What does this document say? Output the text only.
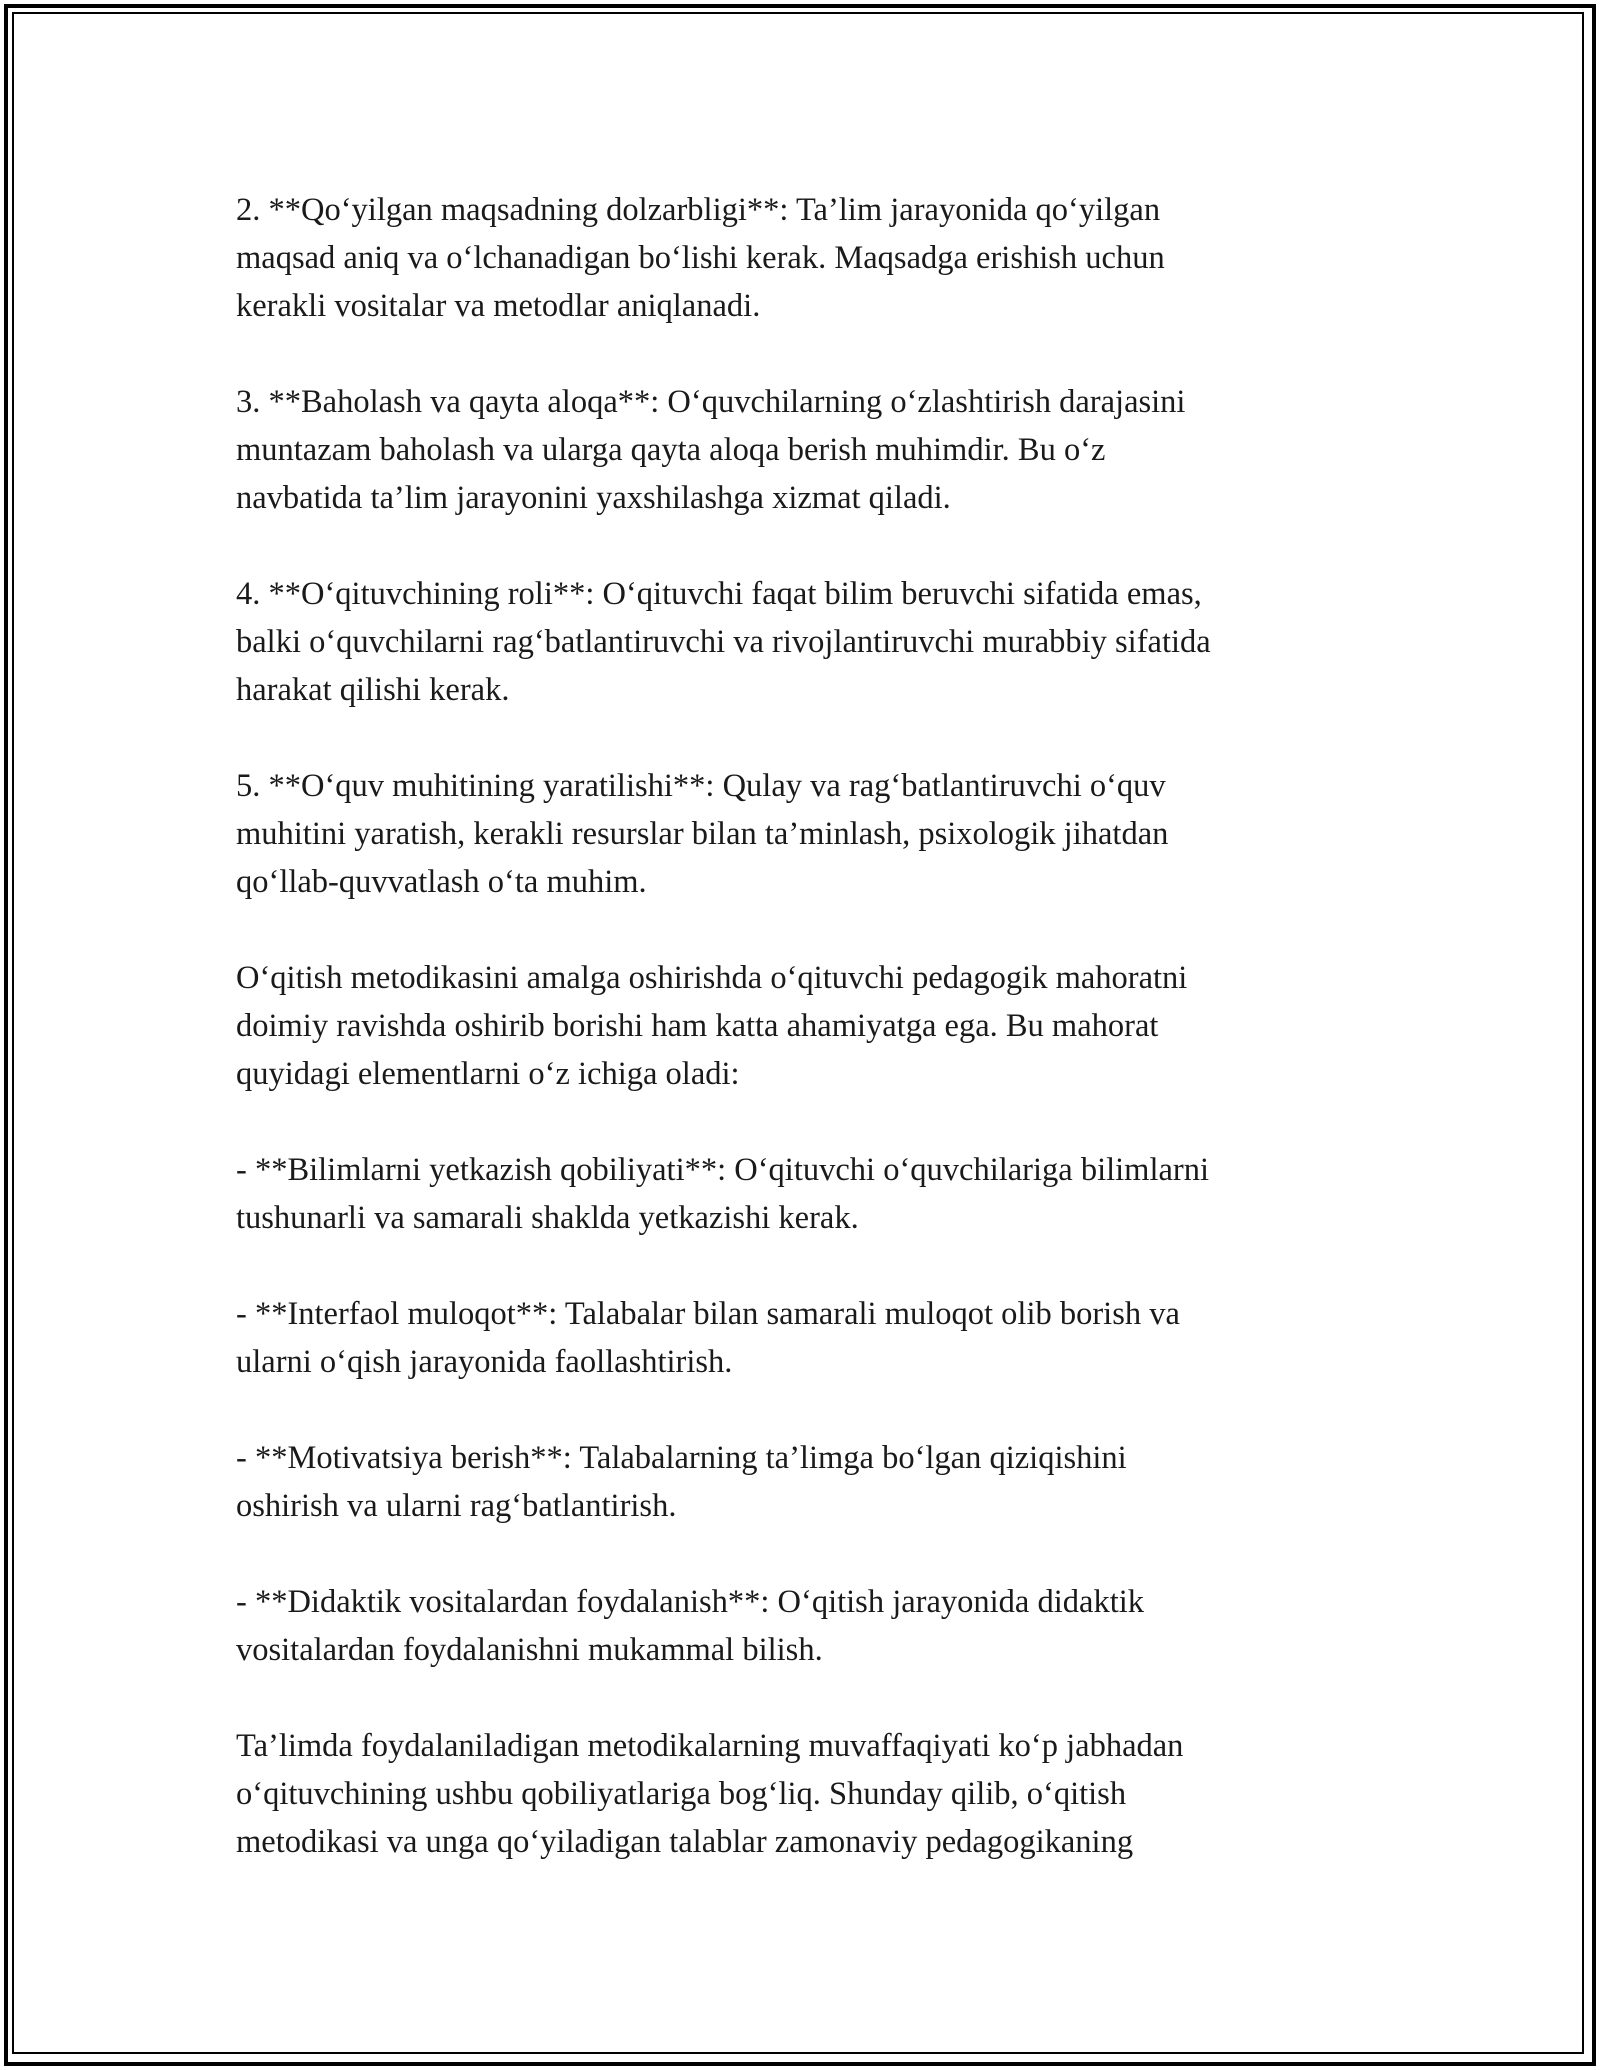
2. **Qo‘yilgan maqsadning dolzarbligi**: Ta’lim jarayonida qo‘yilgan
maqsad aniq va o‘lchanadigan bo‘lishi kerak. Maqsadga erishish uchun
kerakli vositalar va metodlar aniqlanadi.
3. **Baholash va qayta aloqa**: O‘quvchilarning o‘zlashtirish darajasini
muntazam baholash va ularga qayta aloqa berish muhimdir. Bu o‘z
navbatida ta’lim jarayonini yaxshilashga xizmat qiladi.
4. **O‘qituvchining roli**: O‘qituvchi faqat bilim beruvchi sifatida emas,
balki o‘quvchilarni rag‘batlantiruvchi va rivojlantiruvchi murabbiy sifatida
harakat qilishi kerak.
5. **O‘quv muhitining yaratilishi**: Qulay va rag‘batlantiruvchi o‘quv
muhitini yaratish, kerakli resurslar bilan ta’minlash, psixologik jihatdan
qo‘llab-quvvatlash o‘ta muhim.
O‘qitish metodikasini amalga oshirishda o‘qituvchi pedagogik mahoratni
doimiy ravishda oshirib borishi ham katta ahamiyatga ega. Bu mahorat
quyidagi elementlarni o‘z ichiga oladi:
- **Bilimlarni yetkazish qobiliyati**: O‘qituvchi o‘quvchilariga bilimlarni
tushunarli va samarali shaklda yetkazishi kerak.
- **Interfaol muloqot**: Talabalar bilan samarali muloqot olib borish va
ularni o‘qish jarayonida faollashtirish.
- **Motivatsiya berish**: Talabalarning ta’limga bo‘lgan qiziqishini
oshirish va ularni rag‘batlantirish.
- **Didaktik vositalardan foydalanish**: O‘qitish jarayonida didaktik
vositalardan foydalanishni mukammal bilish.
Ta’limda foydalaniladigan metodikalarning muvaffaqiyati ko‘p jabhadan
o‘qituvchining ushbu qobiliyatlariga bog‘liq. Shunday qilib, o‘qitish
metodikasi va unga qo‘yiladigan talablar zamonaviy pedagogikaning
